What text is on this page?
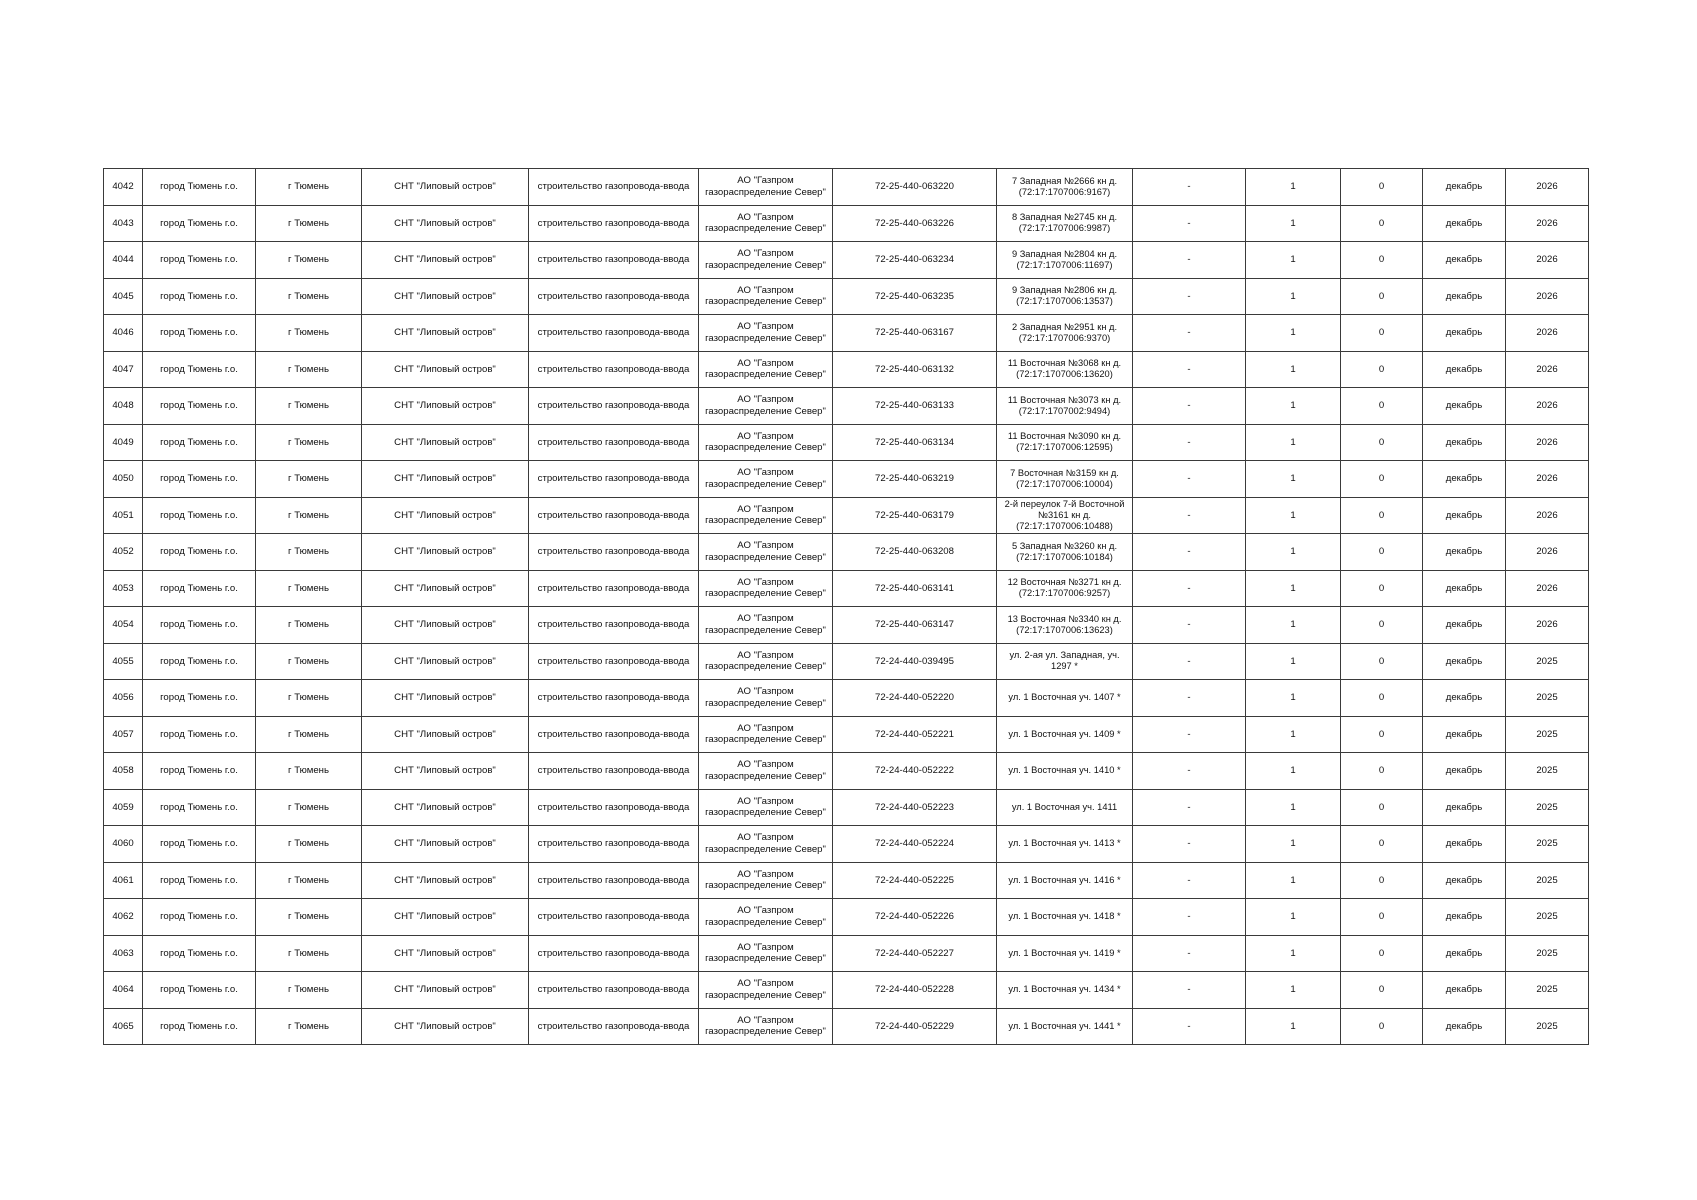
4042	город Тюмень г.о.	г Тюмень	СНТ "Липовый остров"	строительство газопровода-ввода	АО "Газпром газораспределение Север"	72-25-440-063220	7 Западная №2666 кн д.(72:17:1707006:9167)	-	1	0	декабрь	2026
4043	город Тюмень г.о.	г Тюмень	СНТ "Липовый остров"	строительство газопровода-ввода	АО "Газпром газораспределение Север"	72-25-440-063226	8 Западная №2745 кн д.(72:17:1707006:9987)	-	1	0	декабрь	2026
4044	город Тюмень г.о.	г Тюмень	СНТ "Липовый остров"	строительство газопровода-ввода	АО "Газпром газораспределение Север"	72-25-440-063234	9 Западная №2804 кн д.(72:17:1707006:11697)	-	1	0	декабрь	2026
4045	город Тюмень г.о.	г Тюмень	СНТ "Липовый остров"	строительство газопровода-ввода	АО "Газпром газораспределение Север"	72-25-440-063235	9 Западная №2806 кн д.(72:17:1707006:13537)	-	1	0	декабрь	2026
4046	город Тюмень г.о.	г Тюмень	СНТ "Липовый остров"	строительство газопровода-ввода	АО "Газпром газораспределение Север"	72-25-440-063167	2 Западная №2951 кн д.(72:17:1707006:9370)	-	1	0	декабрь	2026
4047	город Тюмень г.о.	г Тюмень	СНТ "Липовый остров"	строительство газопровода-ввода	АО "Газпром газораспределение Север"	72-25-440-063132	11 Восточная №3068 кн д.(72:17:1707006:13620)	-	1	0	декабрь	2026
4048	город Тюмень г.о.	г Тюмень	СНТ "Липовый остров"	строительство газопровода-ввода	АО "Газпром газораспределение Север"	72-25-440-063133	11 Восточная №3073 кн д.(72:17:1707002:9494)	-	1	0	декабрь	2026
4049	город Тюмень г.о.	г Тюмень	СНТ "Липовый остров"	строительство газопровода-ввода	АО "Газпром газораспределение Север"	72-25-440-063134	11 Восточная №3090 кн д.(72:17:1707006:12595)	-	1	0	декабрь	2026
4050	город Тюмень г.о.	г Тюмень	СНТ "Липовый остров"	строительство газопровода-ввода	АО "Газпром газораспределение Север"	72-25-440-063219	7 Восточная №3159 кн д.(72:17:1707006:10004)	-	1	0	декабрь	2026
4051	город Тюмень г.о.	г Тюмень	СНТ "Липовый остров"	строительство газопровода-ввода	АО "Газпром газораспределение Север"	72-25-440-063179	2-й переулок 7-й Восточной №3161 кн д.(72:17:1707006:10488)	-	1	0	декабрь	2026
4052	город Тюмень г.о.	г Тюмень	СНТ "Липовый остров"	строительство газопровода-ввода	АО "Газпром газораспределение Север"	72-25-440-063208	5 Западная №3260 кн д.(72:17:1707006:10184)	-	1	0	декабрь	2026
4053	город Тюмень г.о.	г Тюмень	СНТ "Липовый остров"	строительство газопровода-ввода	АО "Газпром газораспределение Север"	72-25-440-063141	12 Восточная №3271 кн д.(72:17:1707006:9257)	-	1	0	декабрь	2026
4054	город Тюмень г.о.	г Тюмень	СНТ "Липовый остров"	строительство газопровода-ввода	АО "Газпром газораспределение Север"	72-25-440-063147	13 Восточная №3340 кн д.(72:17:1707006:13623)	-	1	0	декабрь	2026
4055	город Тюмень г.о.	г Тюмень	СНТ "Липовый остров"	строительство газопровода-ввода	АО "Газпром газораспределение Север"	72-24-440-039495	ул. 2-ая ул. Западная, уч. 1297 *	-	1	0	декабрь	2025
4056	город Тюмень г.о.	г Тюмень	СНТ "Липовый остров"	строительство газопровода-ввода	АО "Газпром газораспределение Север"	72-24-440-052220	ул. 1 Восточная уч. 1407 *	-	1	0	декабрь	2025
4057	город Тюмень г.о.	г Тюмень	СНТ "Липовый остров"	строительство газопровода-ввода	АО "Газпром газораспределение Север"	72-24-440-052221	ул. 1 Восточная уч. 1409 *	-	1	0	декабрь	2025
4058	город Тюмень г.о.	г Тюмень	СНТ "Липовый остров"	строительство газопровода-ввода	АО "Газпром газораспределение Север"	72-24-440-052222	ул. 1 Восточная уч. 1410 *	-	1	0	декабрь	2025
4059	город Тюмень г.о.	г Тюмень	СНТ "Липовый остров"	строительство газопровода-ввода	АО "Газпром газораспределение Север"	72-24-440-052223	ул. 1 Восточная уч. 1411	-	1	0	декабрь	2025
4060	город Тюмень г.о.	г Тюмень	СНТ "Липовый остров"	строительство газопровода-ввода	АО "Газпром газораспределение Север"	72-24-440-052224	ул. 1 Восточная уч. 1413 *	-	1	0	декабрь	2025
4061	город Тюмень г.о.	г Тюмень	СНТ "Липовый остров"	строительство газопровода-ввода	АО "Газпром газораспределение Север"	72-24-440-052225	ул. 1 Восточная уч. 1416 *	-	1	0	декабрь	2025
4062	город Тюмень г.о.	г Тюмень	СНТ "Липовый остров"	строительство газопровода-ввода	АО "Газпром газораспределение Север"	72-24-440-052226	ул. 1 Восточная уч. 1418 *	-	1	0	декабрь	2025
4063	город Тюмень г.о.	г Тюмень	СНТ "Липовый остров"	строительство газопровода-ввода	АО "Газпром газораспределение Север"	72-24-440-052227	ул. 1 Восточная уч. 1419 *	-	1	0	декабрь	2025
4064	город Тюмень г.о.	г Тюмень	СНТ "Липовый остров"	строительство газопровода-ввода	АО "Газпром газораспределение Север"	72-24-440-052228	ул. 1 Восточная уч. 1434 *	-	1	0	декабрь	2025
4065	город Тюмень г.о.	г Тюмень	СНТ "Липовый остров"	строительство газопровода-ввода	АО "Газпром газораспределение Север"	72-24-440-052229	ул. 1 Восточная уч. 1441 *	-	1	0	декабрь	2025
